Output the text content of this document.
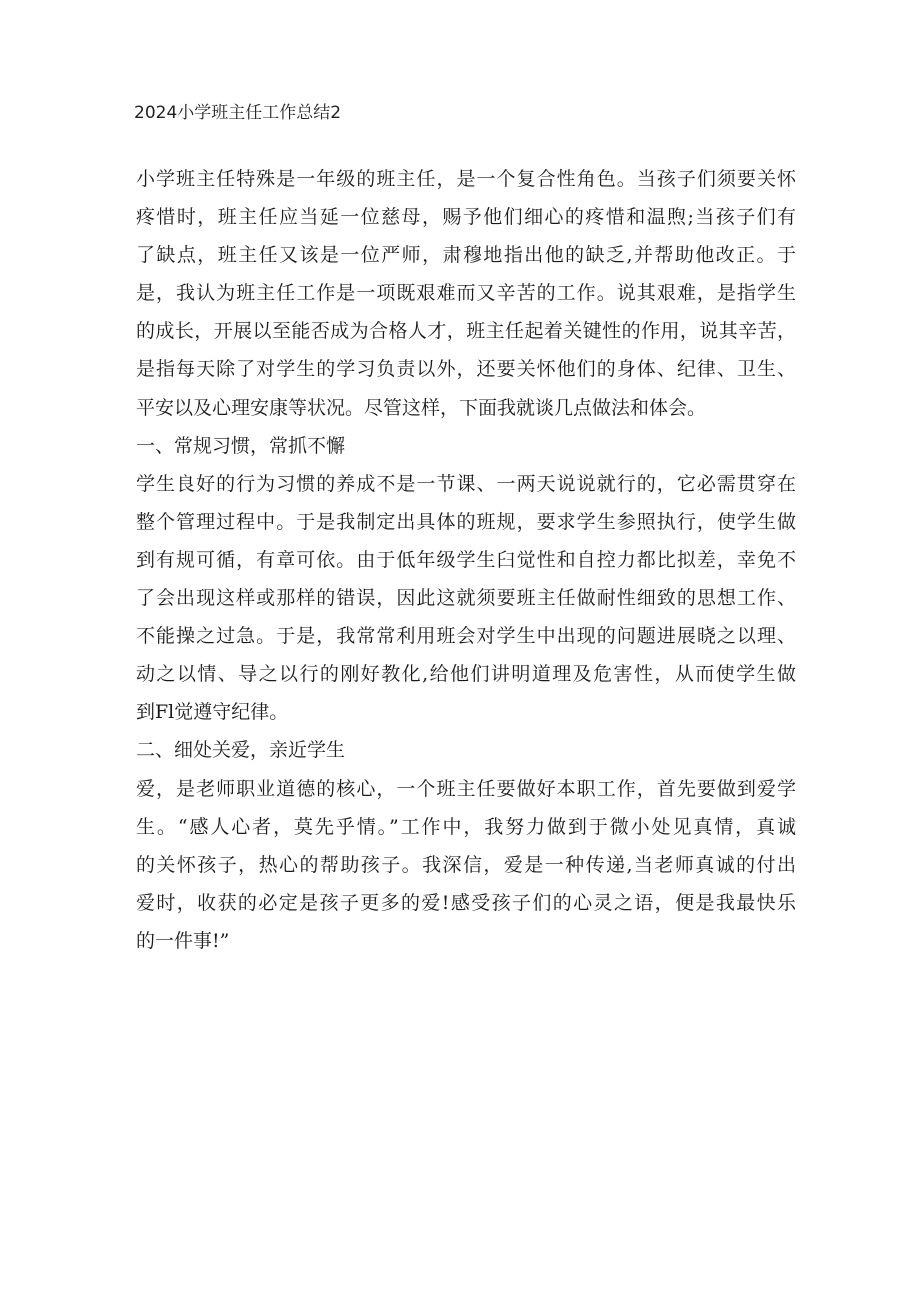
2024小学班主任工作总结2
小学班主任特殊是一年级的班主任，是一个复合性角色。当孩子们须要关怀
疼惜时，班主任应当延一位慈母，赐予他们细心的疼惜和温煦;当孩子们有
了缺点，班主任又该是一位严师，肃穆地指出他的缺乏,并帮助他改正。于
是，我认为班主任工作是一项既艰难而又辛苦的工作。说其艰难，是指学生
的成长，开展以至能否成为合格人才，班主任起着关键性的作用，说其辛苦，
是指每天除了对学生的学习负责以外，还要关怀他们的身体、纪律、卫生、
平安以及心理安康等状况。尽管这样，下面我就谈几点做法和体会。
一、常规习惯，常抓不懈
学生良好的行为习惯的养成不是一节课、一两天说说就行的，它必需贯穿在
整个管理过程中。于是我制定出具体的班规，要求学生参照执行，使学生做
到有规可循，有章可依。由于低年级学生臼觉性和自控力都比拟差，幸免不
了会出现这样或那样的错误，因此这就须要班主任做耐性细致的思想工作、
不能操之过急。于是，我常常利用班会对学生中出现的问题进展晓之以理、
动之以情、导之以行的刚好教化,给他们讲明道理及危害性，从而使学生做
到Fl觉遵守纪律。
二、细处关爱，亲近学生
爱，是老师职业道德的核心，一个班主任要做好本职工作，首先要做到爱学
生。“感人心者，莫先乎情。”工作中，我努力做到于微小处见真情，真诚
的关怀孩子，热心的帮助孩子。我深信，爱是一种传递,当老师真诚的付出
爱时，收获的必定是孩子更多的爱!感受孩子们的心灵之语，便是我最快乐
的一件事!”
